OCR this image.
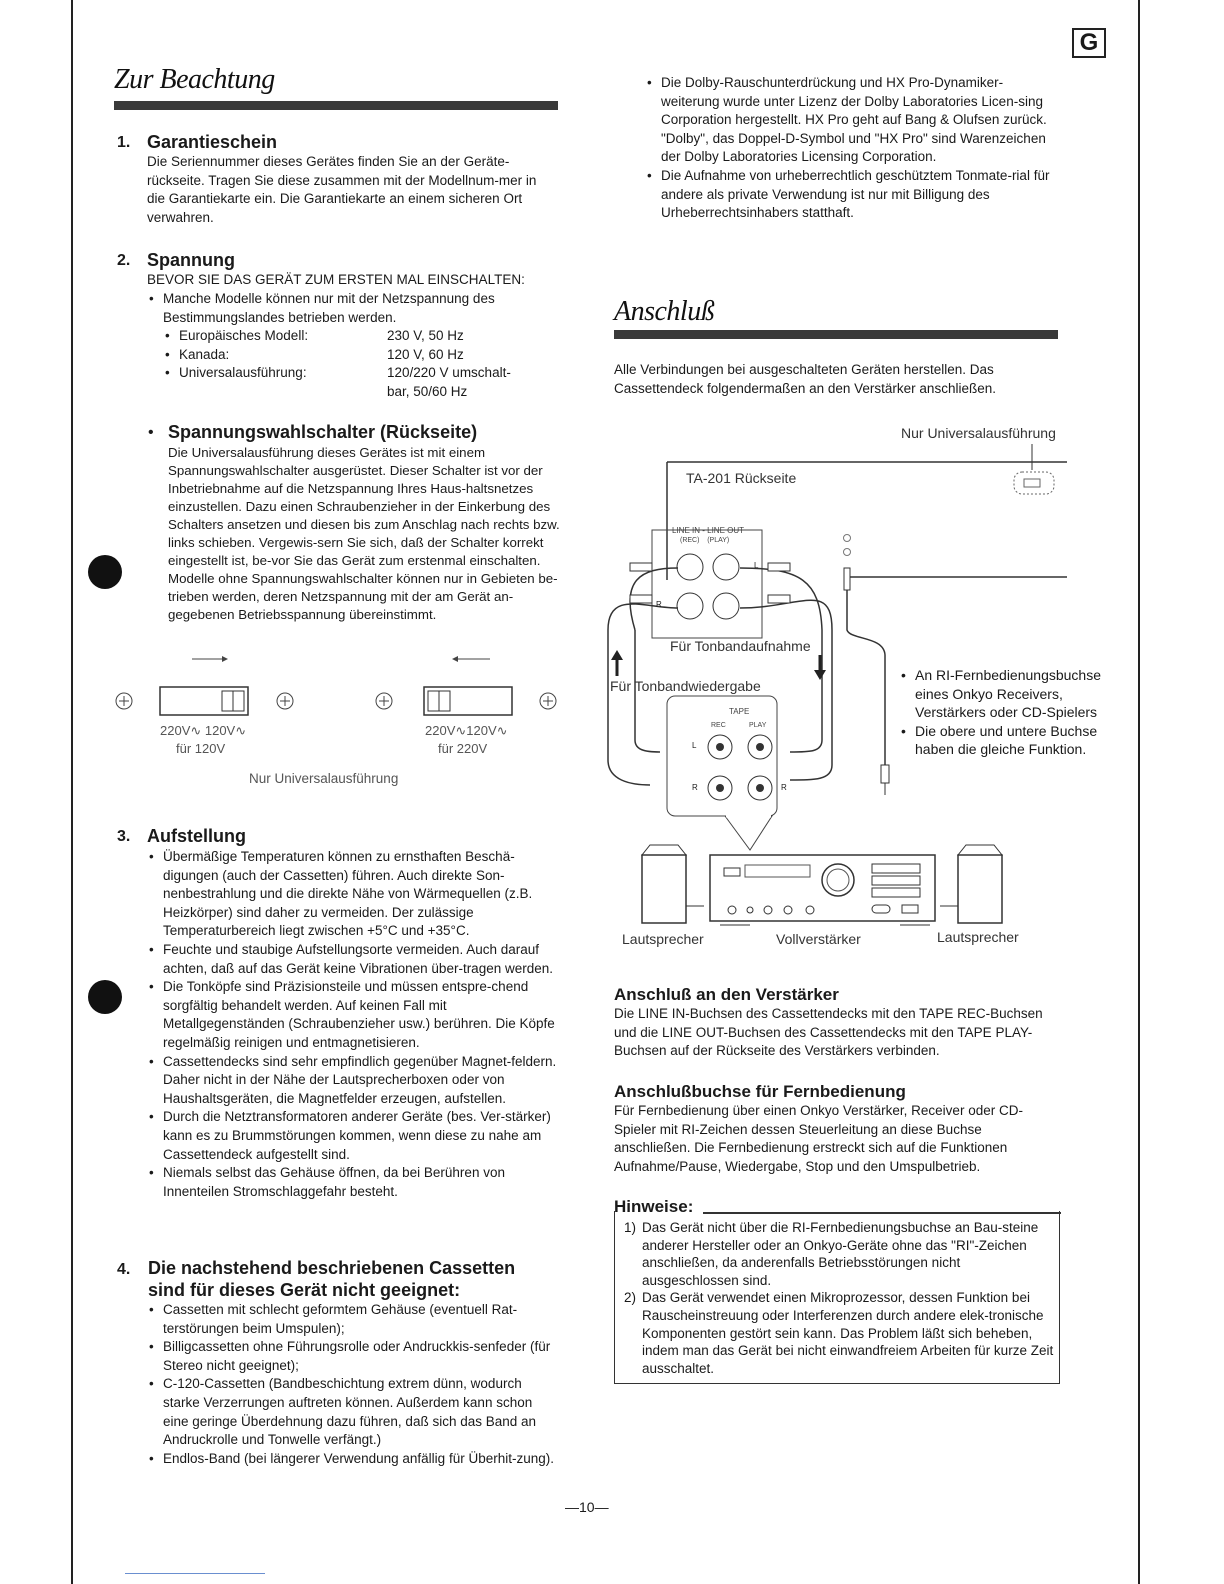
G
Zur Beachtung
1. Garantieschein

Die Seriennummer dieses Gerätes finden Sie an der Geräte-rückseite. Tragen Sie diese zusammen mit der Modellnum-mer in die Garantiekarte ein. Die Garantiekarte an einem sicheren Ort verwahren.

2. Spannung
BEVOR SIE DAS GERÄT ZUM ERSTEN MAL EINSCHALTEN:
• Manche Modelle können nur mit der Netzspannung des Bestimmungslandes betrieben werden.
• Europäisches Modell:	230 V, 50 Hz
• Kanada:	120 V, 60 Hz
• Universalausführung:	120/220 V umschalt-bar, 50/60 Hz
• Spannungswahlschalter (Rückseite)

Die Universalausführung dieses Gerätes ist mit einem Spannungswahlschalter ausgerüstet. Dieser Schalter ist vor der Inbetriebnahme auf die Netzspannung Ihres Haus-haltsnetzes einzustellen. Dazu einen Schraubenzieher in der Einkerbung des Schalters ansetzen und diesen bis zum Anschlag nach rechts bzw. links schieben. Vergewis-sern Sie sich, daß der Schalter korrekt eingestellt ist, be-vor Sie das Gerät zum erstenmal einschalten. Modelle ohne Spannungswahlschalter können nur in Gebieten be-trieben werden, deren Netzspannung mit der am Gerät an-gegebenen Betriebsspannung übereinstimmt.

220V∿ 120V∿
für 120V
220V∿120V∿
für 220V
Nur Universalausführung
3. Aufstellung
• Übermäßige Temperaturen können zu ernsthaften Beschä-digungen (auch der Cassetten) führen. Auch direkte Son-nenbestrahlung und die direkte Nähe von Wärmequellen (z.B. Heizkörper) sind daher zu vermeiden. Der zulässige Temperaturbereich liegt zwischen +5°C und +35°C.
• Feuchte und staubige Aufstellungsorte vermeiden. Auch darauf achten, daß auf das Gerät keine Vibrationen über-tragen werden.
• Die Tonköpfe sind Präzisionsteile und müssen entspre-chend sorgfältig behandelt werden. Auf keinen Fall mit Metallgegenständen (Schraubenzieher usw.) berühren. Die Köpfe regelmäßig reinigen und entmagnetisieren.
• Cassettendecks sind sehr empfindlich gegenüber Magnet-feldern. Daher nicht in der Nähe der Lautsprecherboxen oder von Haushaltsgeräten, die Magnetfelder erzeugen, aufstellen.
• Durch die Netztransformatoren anderer Geräte (bes. Ver-stärker) kann es zu Brummstörungen kommen, wenn diese zu nahe am Cassettendeck aufgestellt sind.
• Niemals selbst das Gehäuse öffnen, da bei Berühren von Innenteilen Stromschlaggefahr besteht.
4. Die nachstehend beschriebenen Cassetten
sind für dieses Gerät nicht geeignet:
• Cassetten mit schlecht geformtem Gehäuse (eventuell Rat-terstörungen beim Umspulen);
• Billigcassetten ohne Führungsrolle oder Andruckkis-senfeder (für Stereo nicht geeignet);
• C-120-Cassetten (Bandbeschichtung extrem dünn, wodurch starke Verzerrungen auftreten können. Außerdem kann schon eine geringe Überdehnung dazu führen, daß sich das Band an Andruckrolle und Tonwelle verfängt.)
• Endlos-Band (bei längerer Verwendung anfällig für Überhit-zung).
—10—
• Die Dolby-Rauschunterdrückung und HX Pro-Dynamiker-weiterung wurde unter Lizenz der Dolby Laboratories Licen-sing Corporation hergestellt. HX Pro geht auf Bang & Olufsen zurück. "Dolby", das Doppel-D-Symbol und "HX Pro" sind Warenzeichen der Dolby Laboratories Licensing Corporation.
• Die Aufnahme von urheberrechtlich geschütztem Tonmate-rial für andere als private Verwendung ist nur mit Billigung des Urheberrechtsinhabers statthaft.
Anschluß

Alle Verbindungen bei ausgeschalteten Geräten herstellen. Das Cassettendeck folgendermaßen an den Verstärker anschließen.

Nur Universalausführung
TA-201 Rückseite
LINE IN - LINE OUT
(REC)    (PLAY)
L
R
Für Tonbandaufnahme
Für Tonbandwiedergabe
TAPE
REC	PLAY
L
R	R
Lautsprecher	Vollverstärker	Lautsprecher
• An RI-Fernbedienungsbuchse eines Onkyo Receivers, Verstärkers oder CD-Spielers
• Die obere und untere Buchse haben die gleiche Funktion.
Anschluß an den Verstärker

Die LINE IN-Buchsen des Cassettendecks mit den TAPE REC-Buchsen und die LINE OUT-Buchsen des Cassettendecks mit den TAPE PLAY-Buchsen auf der Rückseite des Verstärkers verbinden.

Anschlußbuchse für Fernbedienung

Für Fernbedienung über einen Onkyo Verstärker, Receiver oder CD-Spieler mit RI-Zeichen dessen Steuerleitung an diese Buchse anschließen. Die Fernbedienung erstreckt sich auf die Funktionen Aufnahme/Pause, Wiedergabe, Stop und den Umspulbetrieb.

Hinweise:
1) Das Gerät nicht über die RI-Fernbedienungsbuchse an Bau-steine anderer Hersteller oder an Onkyo-Geräte ohne das "RI"-Zeichen anschließen, da anderenfalls Betriebsstörungen nicht ausgeschlossen sind.
2) Das Gerät verwendet einen Mikroprozessor, dessen Funktion bei Rauscheinstreuung oder Interferenzen durch andere elek-tronische Komponenten gestört sein kann. Das Problem läßt sich beheben, indem man das Gerät bei nicht einwandfreiem Arbeiten für kurze Zeit ausschaltet.
